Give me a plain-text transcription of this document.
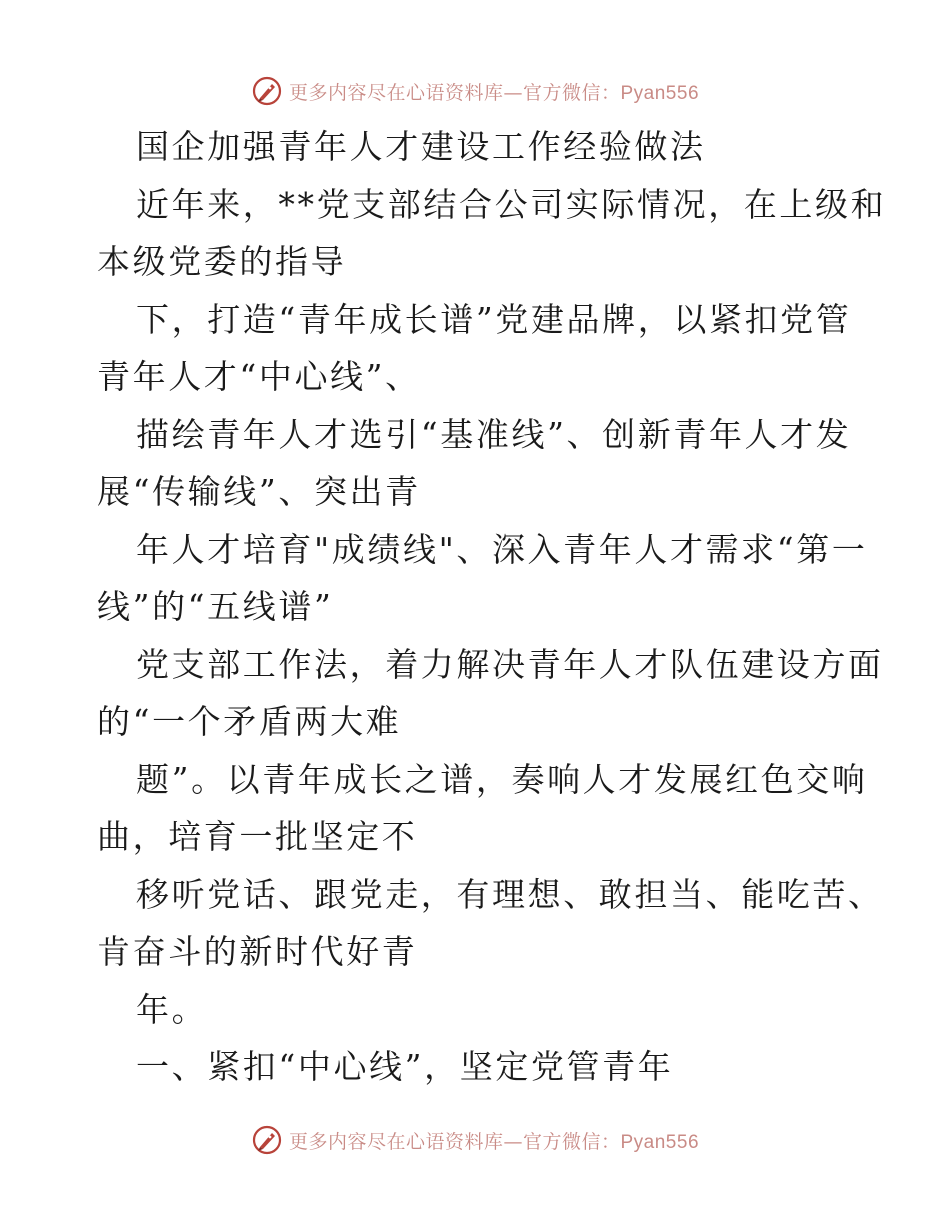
更多内容尽在心语资料库—官方微信：Pyan556
国企加强青年人才建设工作经验做法
近年来，**党支部结合公司实际情况，在上级和
本级党委的指导
下，打造“青年成长谱”党建品牌，以紧扣党管
青年人才“中心线”、
描绘青年人才选引“基准线”、创新青年人才发
展“传输线”、突出青
年人才培育"成绩线"、深入青年人才需求“第一
线”的“五线谱”
党支部工作法，着力解决青年人才队伍建设方面
的“一个矛盾两大难
题”。以青年成长之谱，奏响人才发展红色交响
曲，培育一批坚定不
移听党话、跟党走，有理想、敢担当、能吃苦、
肯奋斗的新时代好青
年。
一、紧扣“中心线”，坚定党管青年
更多内容尽在心语资料库—官方微信：Pyan556
